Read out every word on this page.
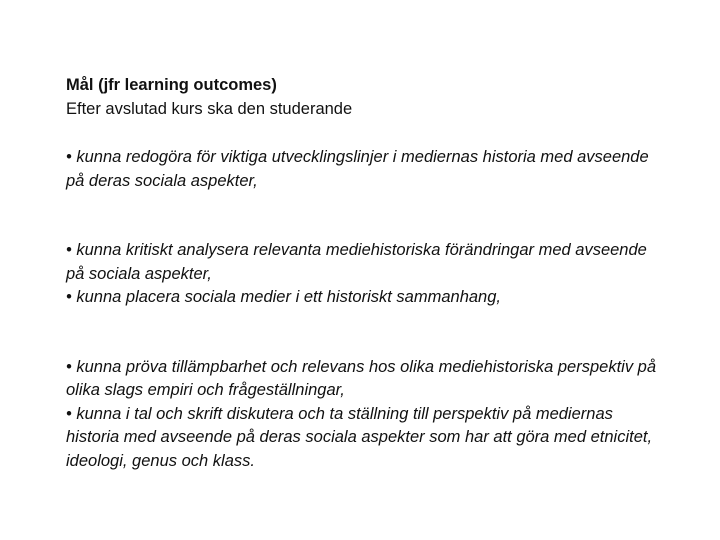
Mål (jfr learning outcomes)

Efter avslutad kurs ska den studerande

• kunna redogöra för viktiga utvecklingslinjer i mediernas historia med avseende på deras sociala aspekter,

• kunna kritiskt analysera relevanta mediehistoriska förändringar med avseende på sociala aspekter,

• kunna placera sociala medier i ett historiskt sammanhang,

• kunna pröva tillämpbarhet och relevans hos olika mediehistoriska perspektiv på olika slags empiri och frågeställningar,

• kunna i tal och skrift diskutera och ta ställning till perspektiv på mediernas historia med avseende på deras sociala aspekter som har att göra med etnicitet, ideologi, genus och klass.
